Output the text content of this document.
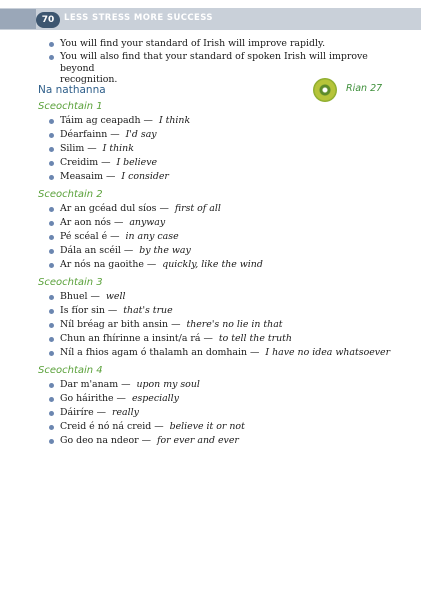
70	LESS STRESS MORE SUCCESS
You will find your standard of Irish will improve rapidly.
You will also find that your standard of spoken Irish will improve beyond
recognition.
Na nathanna	Rian 27
Sceochtain 1
Táim ag ceapadh — I think
Déarfainn — I'd say
Silim — I think
Creidim — I believe
Measaim — I consider
Sceochtain 2
Ar an gcéad dul síos — first of all
Ar aon nós — anyway
Pé scéal é — in any case
Dála an scéil — by the way
Ar nós na gaoithe — quickly, like the wind
Sceochtain 3
Bhuel — well
Is fíor sin — that's true
Níl bréag ar bith ansin — there's no lie in that
Chun an fhírinne a insint/a rá — to tell the truth
Níl a fhios agam ó thalamh an domhain — I have no idea whatsoever
Sceochtain 4
Dar m'anam — upon my soul
Go háirithe — especially
Dáiríre — really
Creid é nó ná creid — believe it or not
Go deo na ndeor — for ever and ever
